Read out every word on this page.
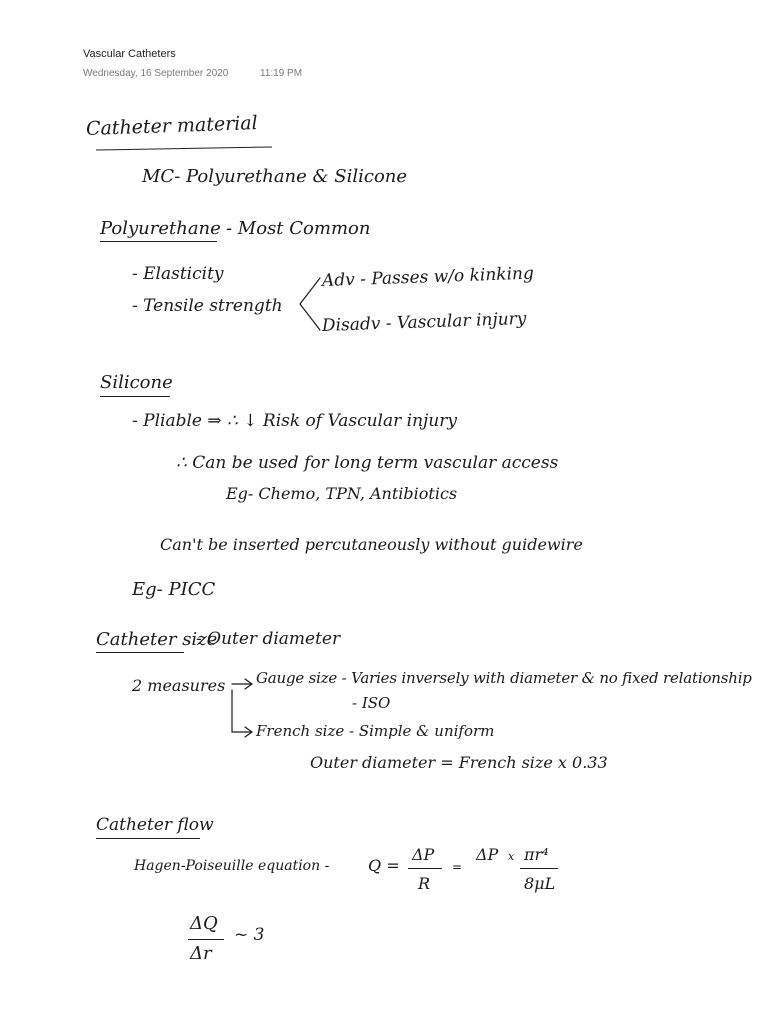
Vascular Catheters
Wednesday, 16 September 2020	11:19 PM
Catheter material
MC- Polyurethane & Silicone
Polyurethane - Most Common
- Elasticity
- Tensile strength
Adv - Passes w/o kinking
Disadv - Vascular injury
Silicone
- Pliable ⇒ ∴ ↓ Risk of Vascular injury
∴ Can be used for long term vascular access
Eg- Chemo, TPN, Antibiotics
Can't be inserted percutaneously without guidewire
Eg- PICC
Catheter size
- Outer diameter
2 measures Gauge size - Varies inversely with diameter & no fixed relationship
- ISO
French size - Simple & uniform
Outer diameter = French size x 0.33
Catheter flow
Hagen-Poiseuille equation - Q =
ΔP
R
=
ΔP x πr⁴
8μL
ΔQ
Δr
~ 3
